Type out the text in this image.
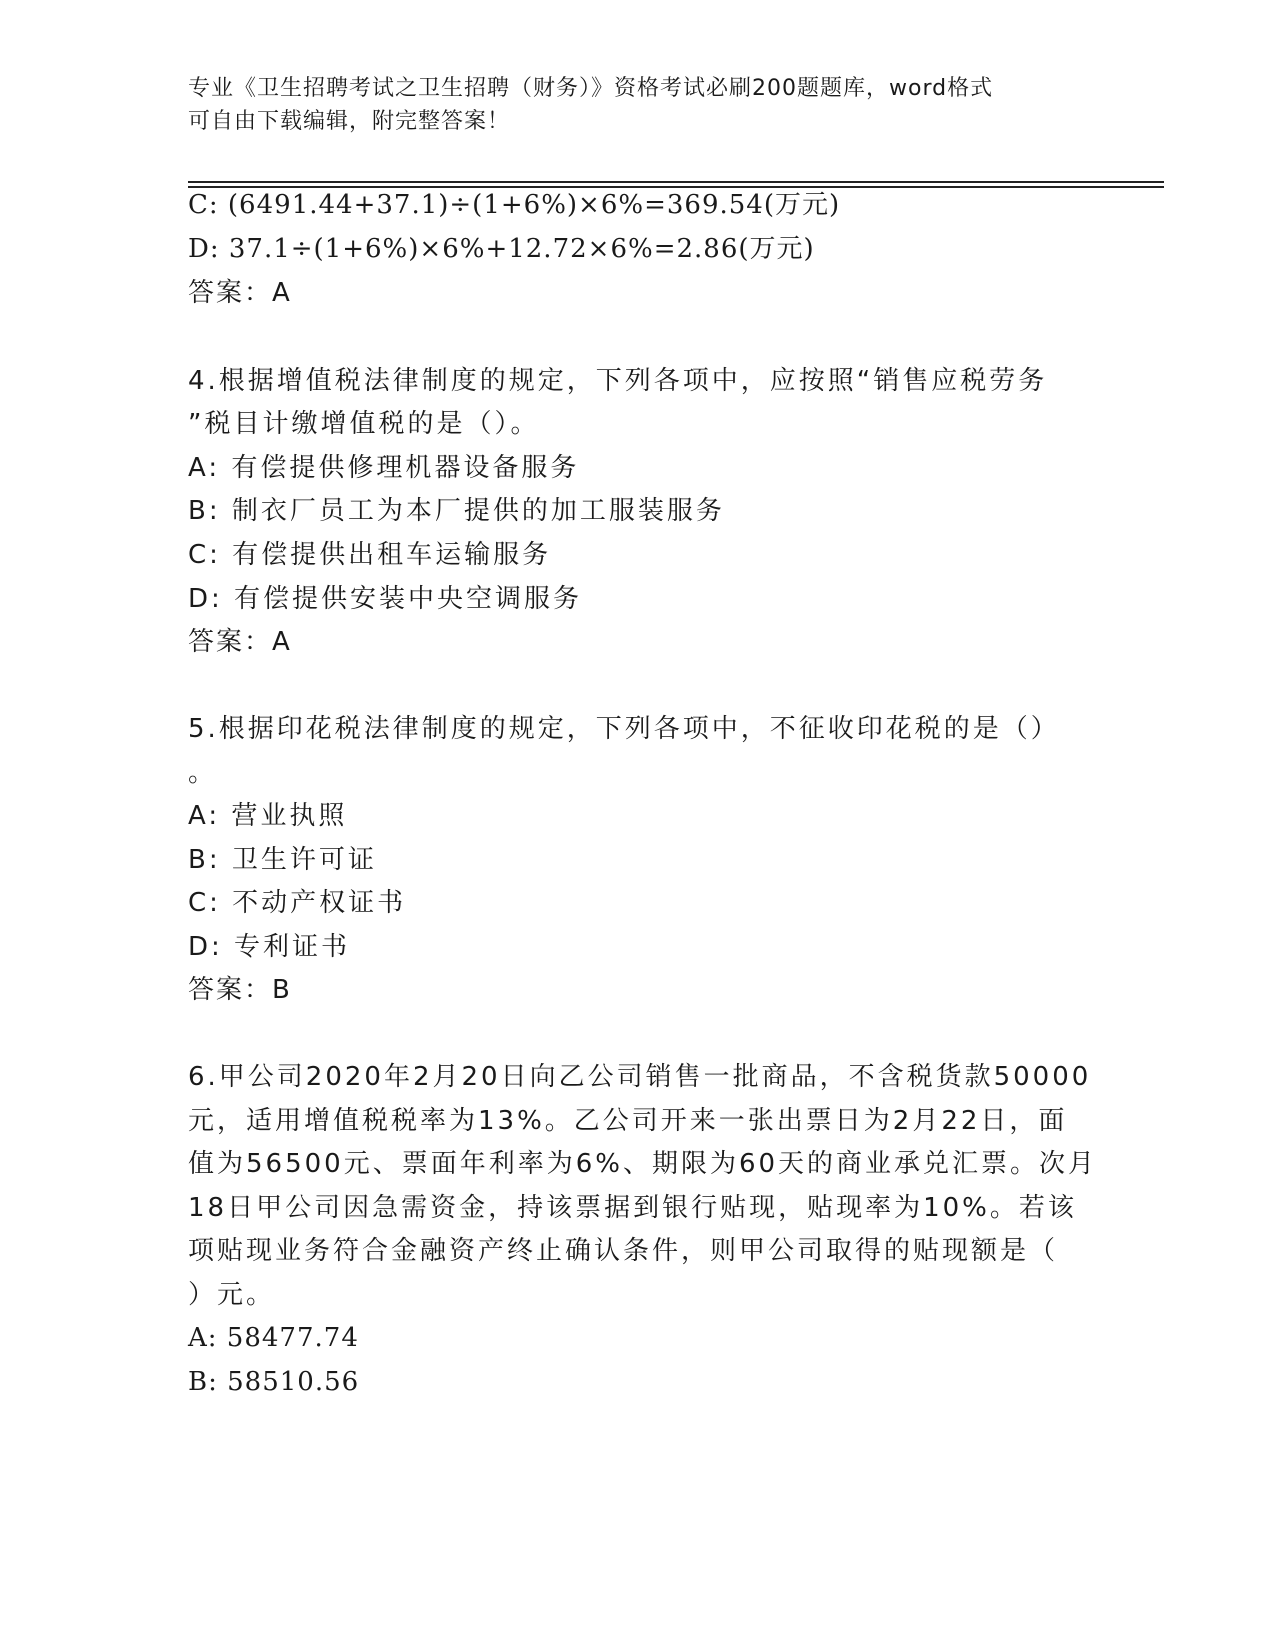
专业《卫生招聘考试之卫生招聘（财务）》资格考试必刷200题题库，word格式
可自由下载编辑，附完整答案！
C: (6491.44+37.1)÷(1+6%)×6%=369.54(万元)
D: 37.1÷(1+6%)×6%+12.72×6%=2.86(万元)
答案：A
4.根据增值税法律制度的规定，下列各项中，应按照“销售应税劳务
”税目计缴增值税的是（）。
A: 有偿提供修理机器设备服务
B: 制衣厂员工为本厂提供的加工服装服务
C: 有偿提供出租车运输服务
D: 有偿提供安装中央空调服务
答案：A
5.根据印花税法律制度的规定，下列各项中，不征收印花税的是（）
。
A: 营业执照
B: 卫生许可证
C: 不动产权证书
D: 专利证书
答案：B
6.甲公司2020年2月20日向乙公司销售一批商品，不含税货款50000
元，适用增值税税率为13%。乙公司开来一张出票日为2月22日，面
值为56500元、票面年利率为6%、期限为60天的商业承兑汇票。次月
18日甲公司因急需资金，持该票据到银行贴现，贴现率为10%。若该
项贴现业务符合金融资产终止确认条件，则甲公司取得的贴现额是（
）元。
A: 58477.74
B: 58510.56
